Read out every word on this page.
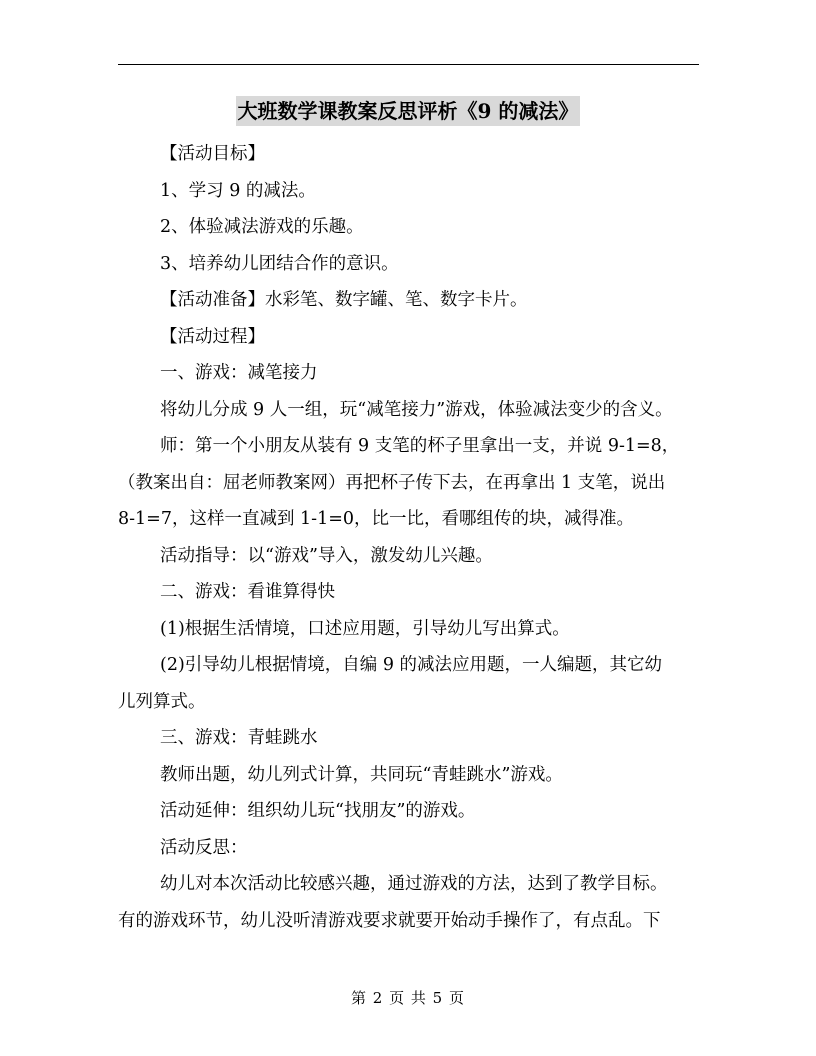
大班数学课教案反思评析《9 的减法》
【活动目标】
1、学习 9 的减法。
2、体验减法游戏的乐趣。
3、培养幼儿团结合作的意识。
【活动准备】水彩笔、数字罐、笔、数字卡片。
【活动过程】
一、游戏：减笔接力
将幼儿分成 9 人一组，玩“减笔接力”游戏，体验减法变少的含义。
师：第一个小朋友从装有 9 支笔的杯子里拿出一支，并说 9-1=8，
（教案出自：屈老师教案网）再把杯子传下去，在再拿出 1 支笔，说出
8-1=7，这样一直减到 1-1=0，比一比，看哪组传的块，减得准。
活动指导：以“游戏”导入，激发幼儿兴趣。
二、游戏：看谁算得快
(1)根据生活情境，口述应用题，引导幼儿写出算式。
(2)引导幼儿根据情境，自编 9 的减法应用题，一人编题，其它幼
儿列算式。
三、游戏：青蛙跳水
教师出题，幼儿列式计算，共同玩“青蛙跳水”游戏。
活动延伸：组织幼儿玩“找朋友”的游戏。
活动反思：
幼儿对本次活动比较感兴趣，通过游戏的方法，达到了教学目标。
有的游戏环节，幼儿没听清游戏要求就要开始动手操作了，有点乱。下
第 2 页 共 5 页
